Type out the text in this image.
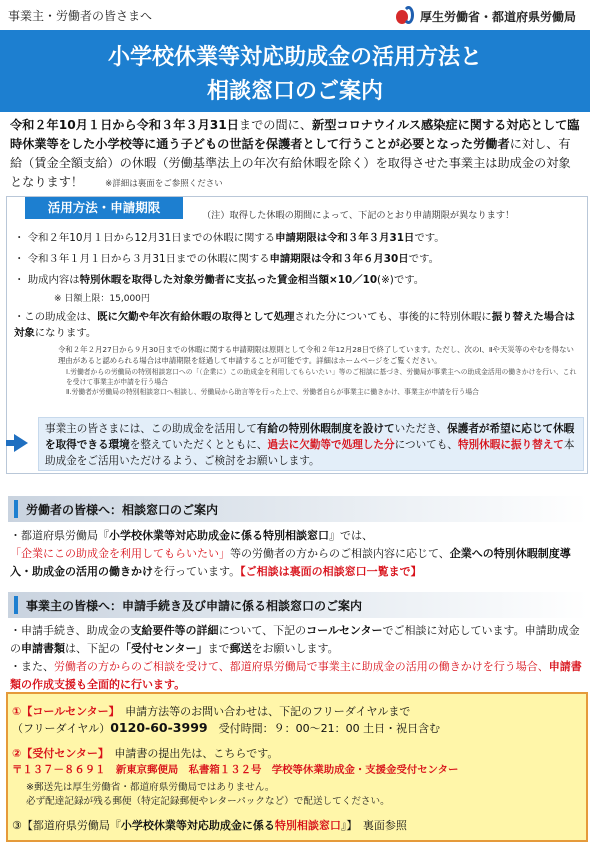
事業主・労働者の皆さまへ	厚生労働省・都道府県労働局
小学校休業等対応助成金の活用方法と
相談窓口のご案内
令和２年10月１日から令和３年３月31日までの間に、新型コロナウイルス感染症に関する対応として臨時休業等をした小学校等に通う子どもの世話を保護者として行うことが必要となった労働者に対し、有給（賃金全額支給）の休暇（労働基準法上の年次有給休暇を除く）を取得させた事業主は助成金の対象となります！	※詳細は裏面をご参照ください
活用方法・申請期限
（注）取得した休暇の期間によって、下記のとおり申請期限が異なります！
・ 令和２年10月１日から12月31日までの休暇に関する申請期限は令和３年３月31日です。
・ 令和３年１月１日から３月31日までの休暇に関する申請期限は令和３年６月30日です。
・ 助成内容は特別休暇を取得した対象労働者に支払った賃金相当額×10／10(※)です。
※ 日額上限：15,000円
・この助成金は、既に欠勤や年次有給休暇の取得として処理された分についても、事後的に特別休暇に振り替えた場合は対象になります。
令和２年２月27日から９月30日までの休暇に関する申請期限は原則として令和２年12月28日で終了しています。ただし、次のⅠ、Ⅱや天災等のやむを得ない理由があると認められる場合は申請期限を経過して申請することが可能です。詳細はホームページをご覧ください。
Ⅰ.労働者からの労働局の特別相談窓口への「（企業に）この助成金を利用してもらいたい」等のご相談に基づき、労働局が事業主への助成金活用の働きかけを行い、これを受けて事業主が申請を行う場合
Ⅱ.労働者が労働局の特別相談窓口へ相談し、労働局から助言等を行った上で、労働者自らが事業主に働きかけ、事業主が申請を行う場合
事業主の皆さまには、この助成金を活用して有給の特別休暇制度を設けていただき、保護者が希望に応じて休暇を取得できる環境を整えていただくとともに、過去に欠勤等で処理した分についても、特別休暇に振り替えて本助成金をご活用いただけるよう、ご検討をお願いします。
労働者の皆様へ：相談窓口のご案内
・都道府県労働局『小学校休業等対応助成金に係る特別相談窓口』では、「企業にこの助成金を利用してもらいたい」等の労働者の方からのご相談内容に応じて、企業への特別休暇制度導入・助成金の活用の働きかけを行っています。【ご相談は裏面の相談窓口一覧まで】
事業主の皆様へ：申請手続き及び申請に係る相談窓口のご案内
・申請手続き、助成金の支給要件等の詳細について、下記のコールセンターでご相談に対応しています。申請助成金の申請書類は、下記の「受付センター」まで郵送をお願いします。
・また、労働者の方からのご相談を受けて、都道府県労働局で事業主に助成金の活用の働きかけを行う場合、申請書類の作成支援も全面的に行います。
①【コールセンター】　 申請方法等のお問い合わせは、下記のフリーダイヤルまで
（フリーダイヤル）0120-60-3999　 受付時間：９：00〜21：00 土日・祝日含む
②【受付センター】　 申請書の提出先は、こちらです。
〒１３７－８６９１　新東京郵便局　私書箱１３２号　学校等休業助成金・支援金受付センター
※郵送先は厚生労働省・都道府県労働局ではありません。
必ず配達記録が残る郵便（特定記録郵便やレターパックなど）で配送してください。
③【都道府県労働局『小学校休業等対応助成金に係る特別相談窓口』】　裏面参照
